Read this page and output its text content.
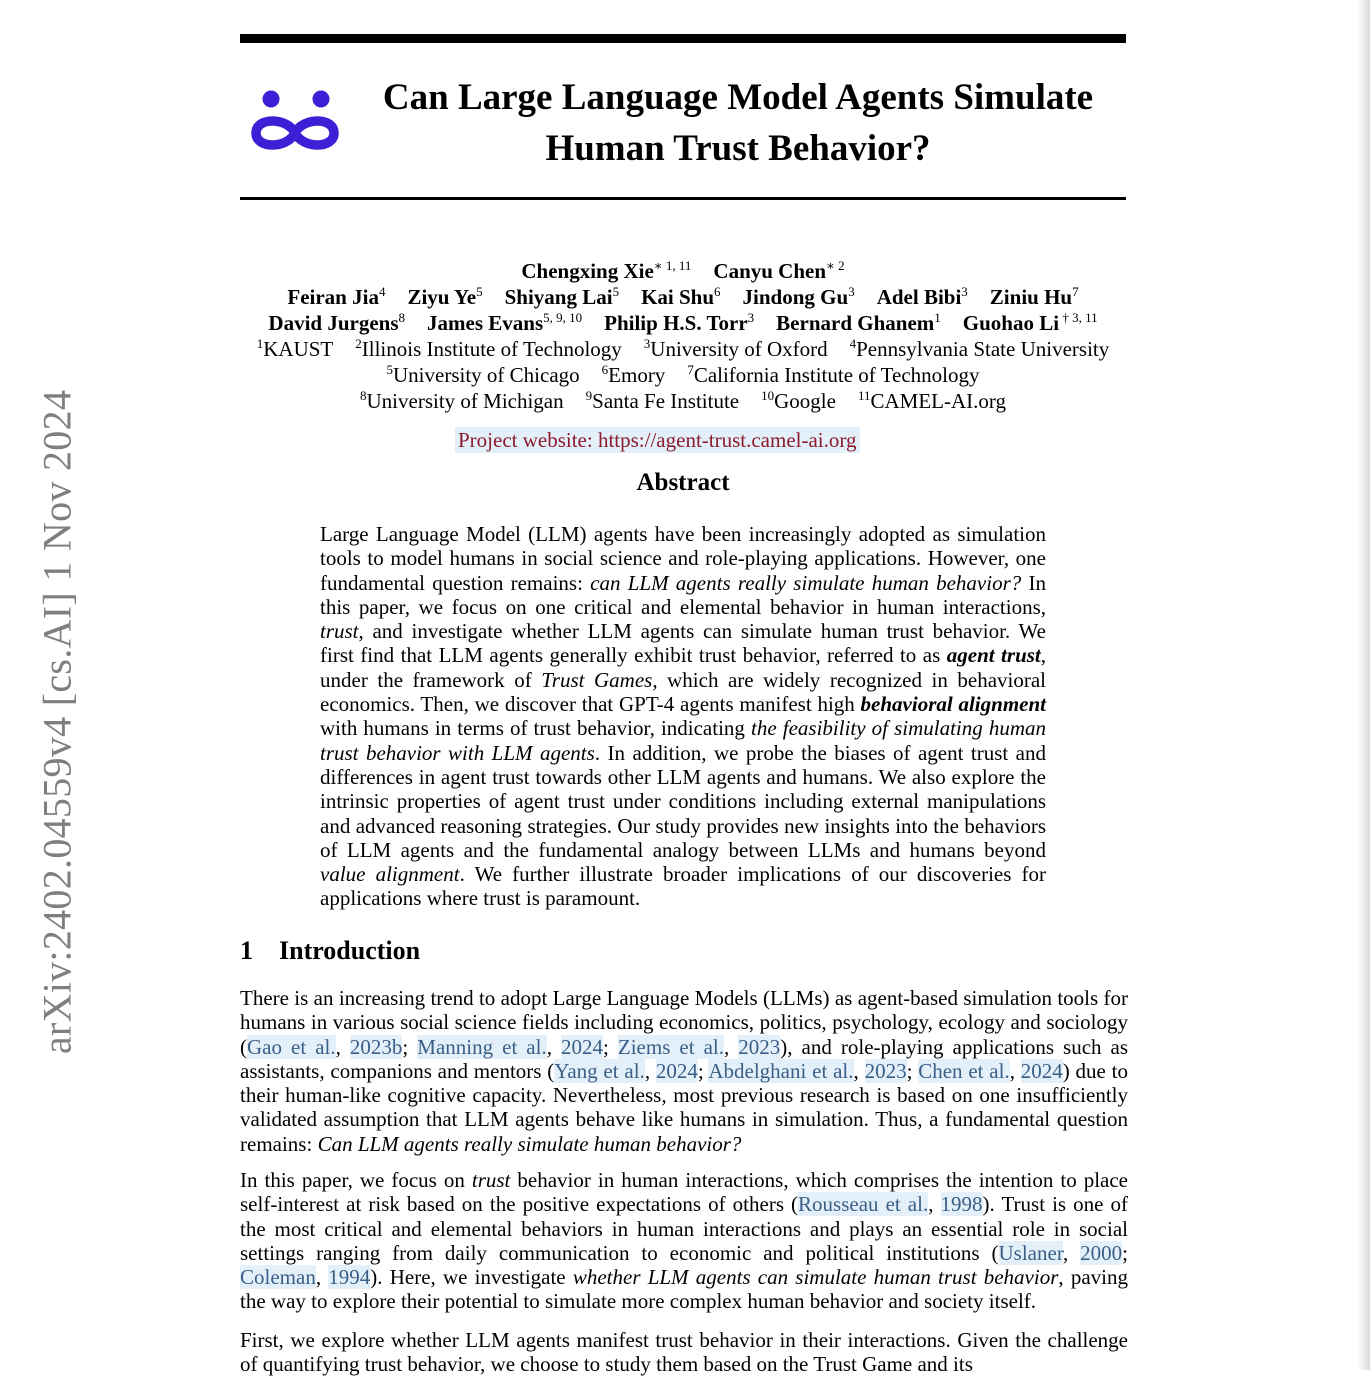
arXiv:2402.04559v4 [cs.AI] 1 Nov 2024
Can Large Language Model Agents Simulate
Human Trust Behavior?
Chengxing Xie$^{∗ 1, 11}$ Canyu Chen$^{∗ 2}$
Feiran Jia$^4$ Ziyu Ye$^5$ Shiyang Lai$^5$ Kai Shu$^6$ Jindong Gu$^3$ Adel Bibi$^3$ Ziniu Hu$^7$
David Jurgens$^8$ James Evans$^{5, 9, 10}$ Philip H.S. Torr$^3$ Bernard Ghanem$^1$ Guohao Li $^{\dagger 3, 11}$
$^1$KAUST $^2$Illinois Institute of Technology $^3$University of Oxford $^4$Pennsylvania State University
$^5$University of Chicago $^6$Emory $^7$California Institute of Technology
$^8$University of Michigan $^9$Santa Fe Institute $^{10}$Google $^{11}$CAMEL-AI.org
Project website: https://agent-trust.camel-ai.org
Abstract
Large Language Model (LLM) agents have been increasingly adopted as simulation tools to model humans in social science and role-playing applications. However, one fundamental question remains: can LLM agents really simulate human behavior? In this paper, we focus on one critical and elemental behavior in human interactions, trust, and investigate whether LLM agents can simulate human trust behavior. We first find that LLM agents generally exhibit trust behavior, referred to as agent trust, under the framework of Trust Games, which are widely recognized in behavioral economics. Then, we discover that GPT-4 agents manifest high behavioral alignment with humans in terms of trust behavior, indicating the feasibility of simulating human trust behavior with LLM agents. In addition, we probe the biases of agent trust and differences in agent trust towards other LLM agents and humans. We also explore the intrinsic properties of agent trust under conditions including external manipulations and advanced reasoning strategies. Our study provides new insights into the behaviors of LLM agents and the fundamental analogy between LLMs and humans beyond value alignment. We further illustrate broader implications of our discoveries for applications where trust is paramount.
1 Introduction

There is an increasing trend to adopt Large Language Models (LLMs) as agent-based simulation tools for humans in various social science fields including economics, politics, psychology, ecology and sociology (Gao et al., 2023b; Manning et al., 2024; Ziems et al., 2023), and role-playing applications such as assistants, companions and mentors (Yang et al., 2024; Abdelghani et al., 2023; Chen et al., 2024) due to their human-like cognitive capacity. Nevertheless, most previous research is based on one insufficiently validated assumption that LLM agents behave like humans in simulation. Thus, a fundamental question remains: Can LLM agents really simulate human behavior?

In this paper, we focus on trust behavior in human interactions, which comprises the intention to place self-interest at risk based on the positive expectations of others (Rousseau et al., 1998). Trust is one of the most critical and elemental behaviors in human interactions and plays an essential role in social settings ranging from daily communication to economic and political institutions (Uslaner, 2000; Coleman, 1994). Here, we investigate whether LLM agents can simulate human trust behavior, paving the way to explore their potential to simulate more complex human behavior and society itself.

First, we explore whether LLM agents manifest trust behavior in their interactions. Given the challenge of quantifying trust behavior, we choose to study them based on the Trust Game and its
